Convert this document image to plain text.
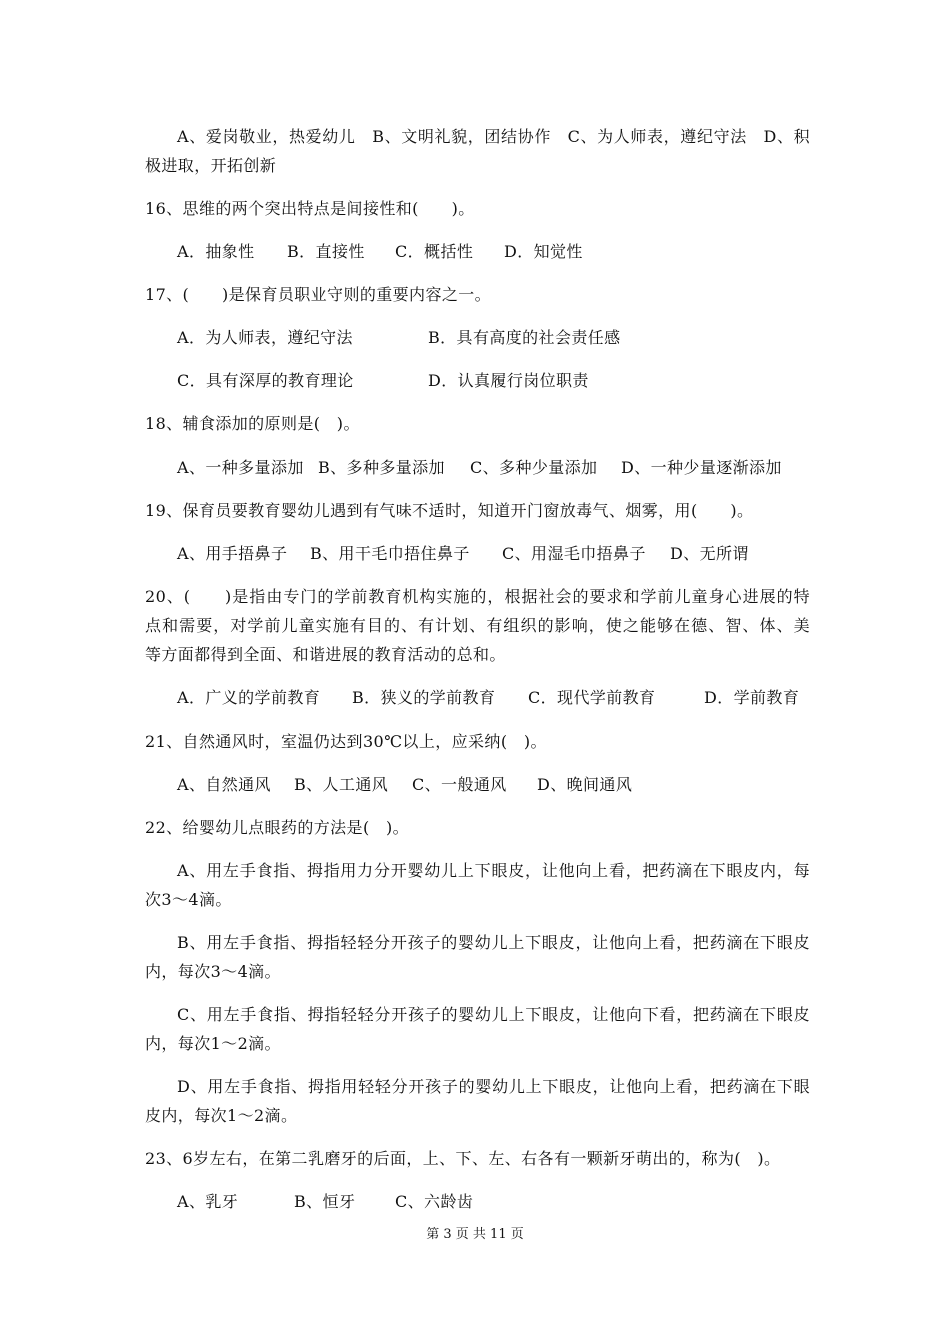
A、爱岗敬业，热爱幼儿　B、文明礼貌，团结协作　C、为人师表，遵纪守法　D、积
极进取，开拓创新
16、思维的两个突出特点是间接性和(　　)。
A．抽象性 B．直接性 C．概括性 D．知觉性
17、(　　)是保育员职业守则的重要内容之一。
A．为人师表，遵纪守法	B．具有高度的社会责任感
C．具有深厚的教育理论	D．认真履行岗位职责
18、辅食添加的原则是(　)。
A、一种多量添加 B、多种多量添加 C、多种少量添加 D、一种少量逐渐添加
19、保育员要教育婴幼儿遇到有气味不适时，知道开门窗放毒气、烟雾，用(　　)。
A、用手捂鼻子 B、用干毛巾捂住鼻子 C、用湿毛巾捂鼻子 D、无所谓
20、(　　)是指由专门的学前教育机构实施的，根据社会的要求和学前儿童身心进展的特
点和需要，对学前儿童实施有目的、有计划、有组织的影响，使之能够在德、智、体、美
等方面都得到全面、和谐进展的教育活动的总和。
A．广义的学前教育 B．狭义的学前教育 C．现代学前教育	D．学前教育
21、自然通风时，室温仍达到30℃以上，应采纳(　)。
A、自然通风 B、人工通风 C、一般通风 D、晚间通风
22、给婴幼儿点眼药的方法是(　)。
A、用左手食指、拇指用力分开婴幼儿上下眼皮，让他向上看，把药滴在下眼皮内，每
次3～4滴。
B、用左手食指、拇指轻轻分开孩子的婴幼儿上下眼皮，让他向上看，把药滴在下眼皮
内，每次3～4滴。
C、用左手食指、拇指轻轻分开孩子的婴幼儿上下眼皮，让他向下看，把药滴在下眼皮
内，每次1～2滴。
D、用左手食指、拇指用轻轻分开孩子的婴幼儿上下眼皮，让他向上看，把药滴在下眼
皮内，每次1～2滴。
23、6岁左右，在第二乳磨牙的后面，上、下、左、右各有一颗新牙萌出的，称为(　)。
A、乳牙	B、恒牙 C、六龄齿
第 3 页 共 11 页
